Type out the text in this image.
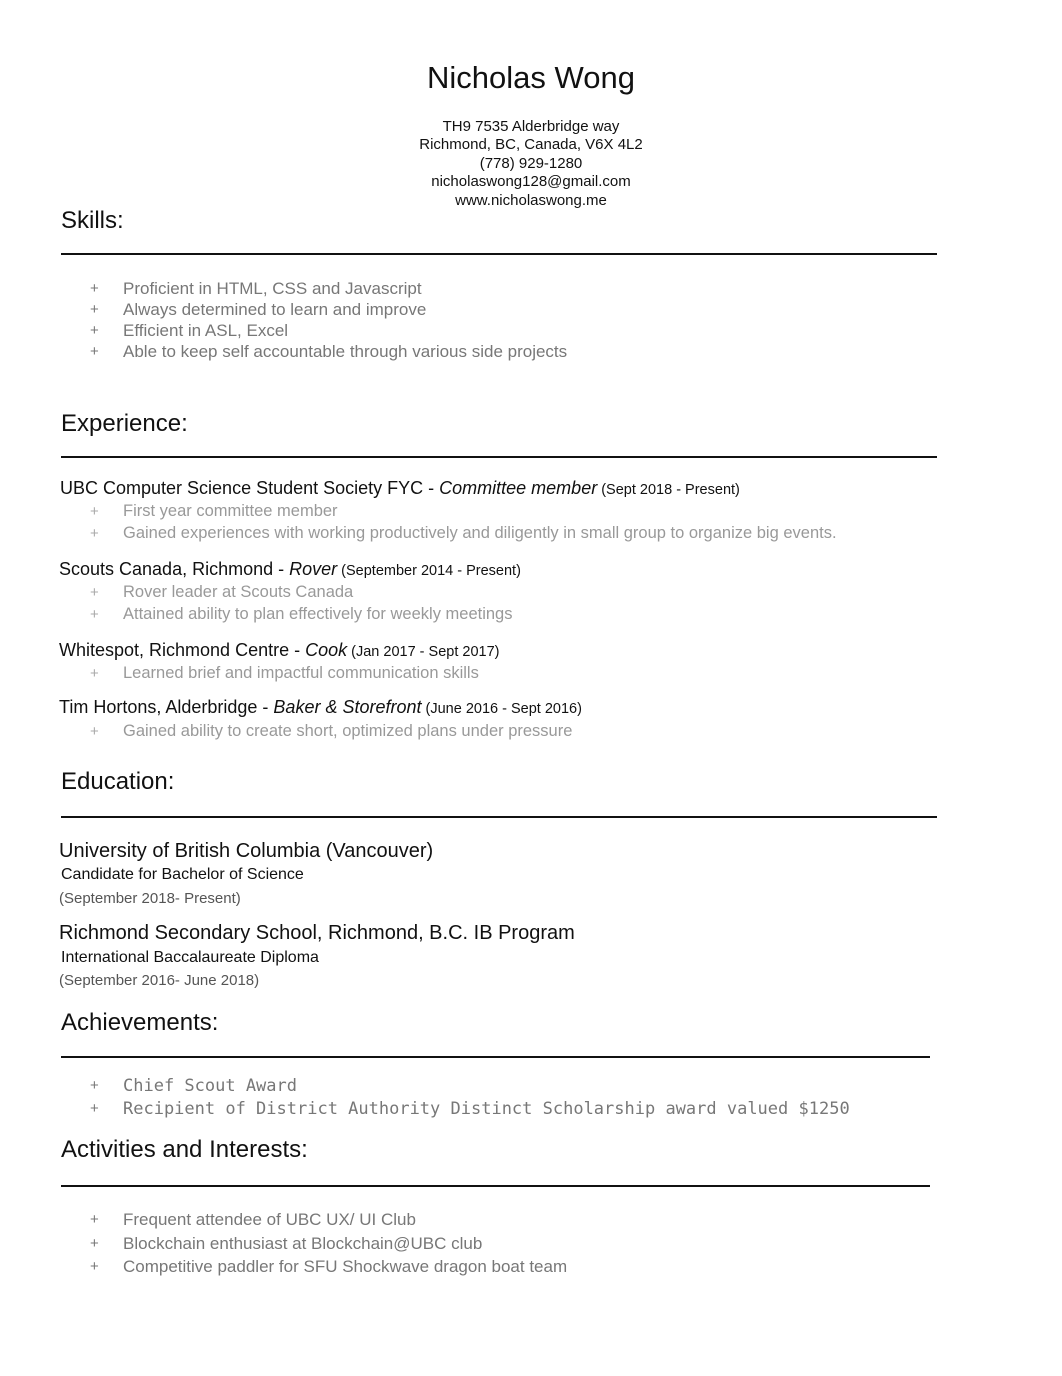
Nicholas Wong
TH9 7535 Alderbridge way
Richmond, BC, Canada, V6X 4L2
(778) 929-1280
nicholaswong128@gmail.com
www.nicholaswong.me
Skills:
+	Proficient in HTML, CSS and Javascript
+	Always determined to learn and improve
+	Efficient in ASL, Excel
+	Able to keep self accountable through various side projects
Experience:
UBC Computer Science Student Society FYC - Committee member (Sept 2018 - Present)
+	First year committee member
+	Gained experiences with working productively and diligently in small group to organize big events.
Scouts Canada, Richmond - Rover (September 2014 - Present)
+	Rover leader at Scouts Canada
+	Attained ability to plan effectively for weekly meetings
Whitespot, Richmond Centre - Cook (Jan 2017 - Sept 2017)
+	Learned brief and impactful communication skills
Tim Hortons, Alderbridge - Baker & Storefront (June 2016 - Sept 2016)
+	Gained ability to create short, optimized plans under pressure
Education:
University of British Columbia (Vancouver)
Candidate for Bachelor of Science
(September 2018- Present)
Richmond Secondary School, Richmond, B.C. IB Program
International Baccalaureate Diploma
(September 2016- June 2018)
Achievements:
+	Chief Scout Award
+	Recipient of District Authority Distinct Scholarship award valued $1250
Activities and Interests:
+	Frequent attendee of UBC UX/ UI Club
+	Blockchain enthusiast at Blockchain@UBC club
+	Competitive paddler for SFU Shockwave dragon boat team
